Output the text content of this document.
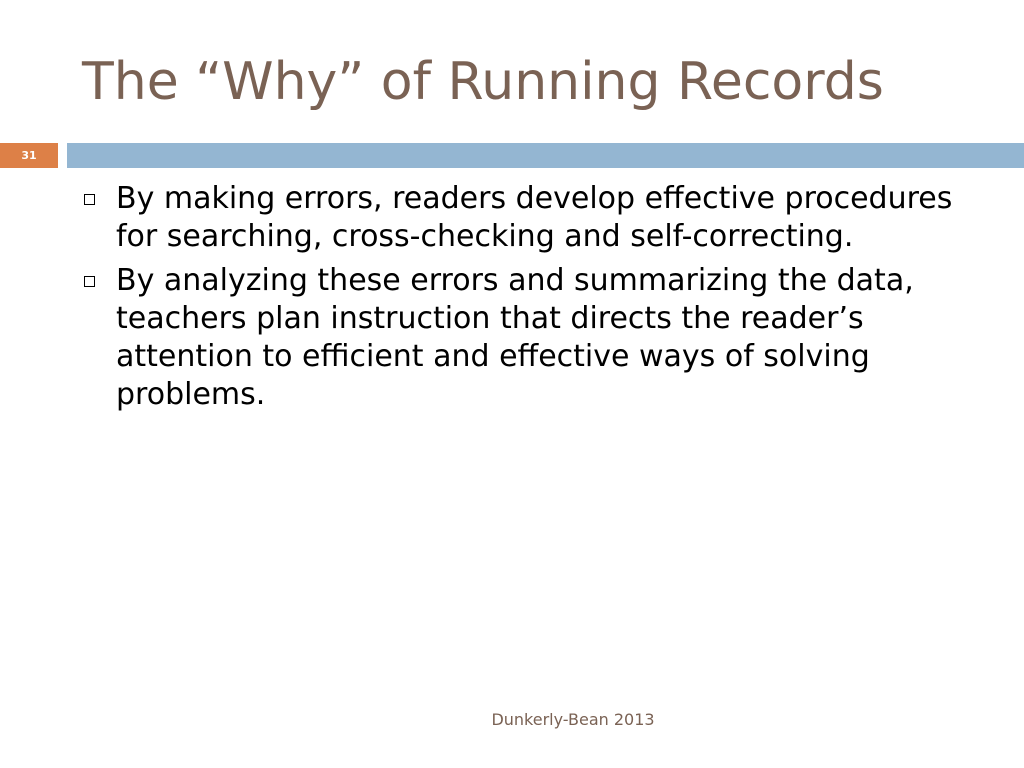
The “Why” of Running Records
31
By making errors, readers develop effective procedures for searching, cross-checking and self-correcting.
By analyzing these errors and summarizing the data, teachers plan instruction that directs the reader’s attention to efficient and effective ways of solving problems.
Dunkerly-Bean 2013
